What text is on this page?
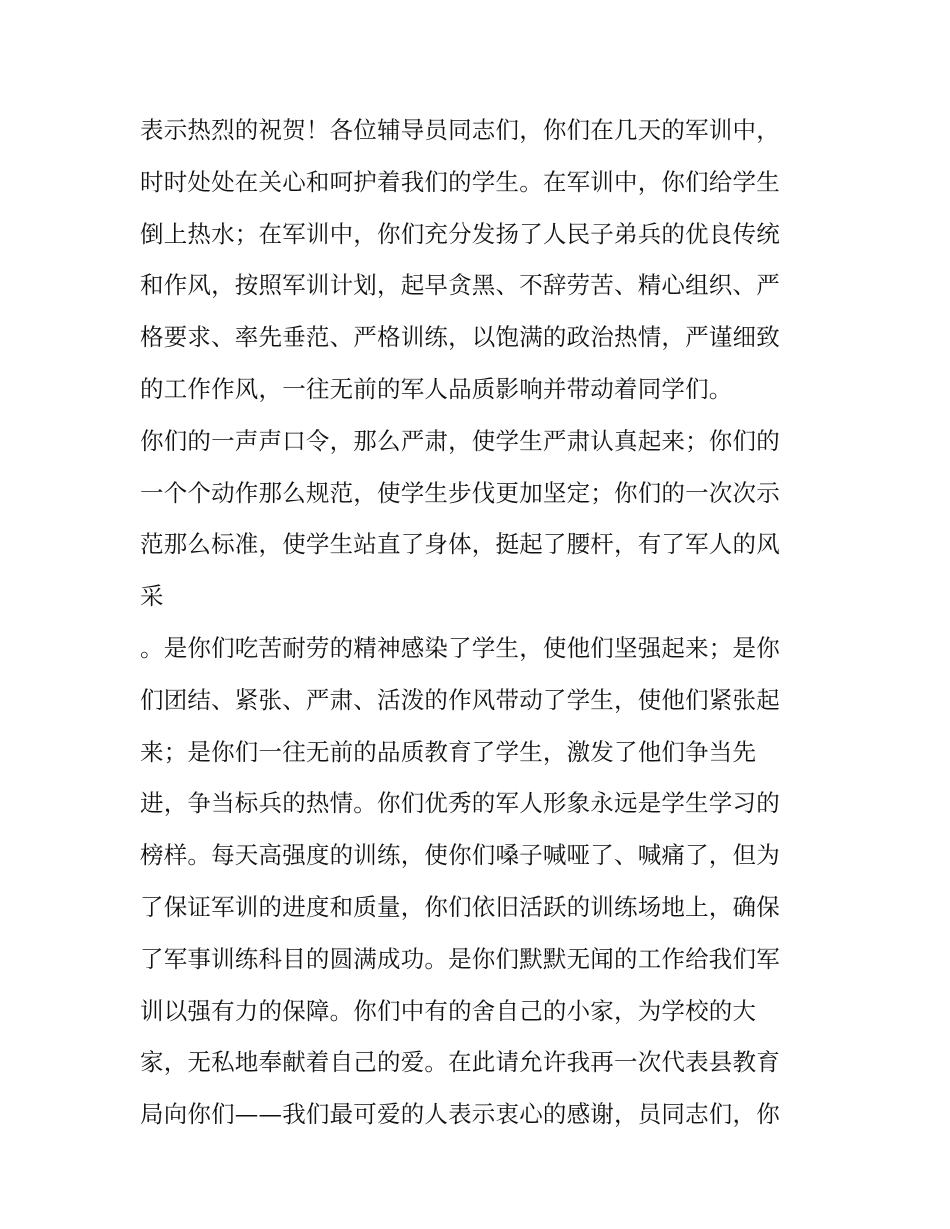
表示热烈的祝贺！各位辅导员同志们，你们在几天的军训中，
时时处处在关心和呵护着我们的学生。在军训中，你们给学生
倒上热水；在军训中，你们充分发扬了人民子弟兵的优良传统
和作风，按照军训计划，起早贪黑、不辞劳苦、精心组织、严
格要求、率先垂范、严格训练，以饱满的政治热情，严谨细致
的工作作风，一往无前的军人品质影响并带动着同学们。
你们的一声声口令，那么严肃，使学生严肃认真起来；你们的
一个个动作那么规范，使学生步伐更加坚定；你们的一次次示
范那么标准，使学生站直了身体，挺起了腰杆，有了军人的风
采
。是你们吃苦耐劳的精神感染了学生，使他们坚强起来；是你
们团结、紧张、严肃、活泼的作风带动了学生，使他们紧张起
来；是你们一往无前的品质教育了学生，激发了他们争当先
进，争当标兵的热情。你们优秀的军人形象永远是学生学习的
榜样。每天高强度的训练，使你们嗓子喊哑了、喊痛了，但为
了保证军训的进度和质量，你们依旧活跃的训练场地上，确保
了军事训练科目的圆满成功。是你们默默无闻的工作给我们军
训以强有力的保障。你们中有的舍自己的小家，为学校的大
家，无私地奉献着自己的爱。在此请允许我再一次代表县教育
局向你们——我们最可爱的人表示衷心的感谢，员同志们，你
